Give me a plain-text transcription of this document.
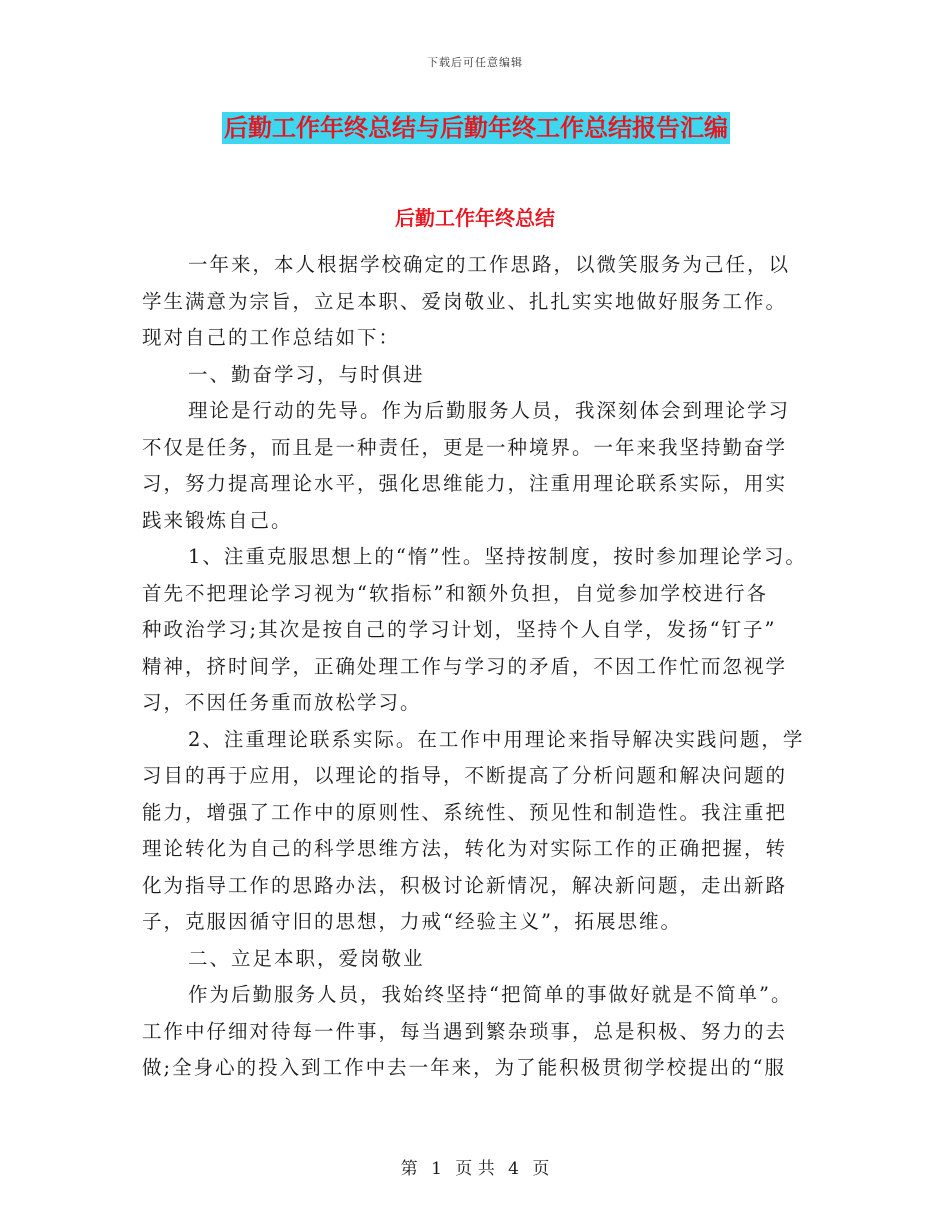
下载后可任意编辑
后勤工作年终总结与后勤年终工作总结报告汇编
后勤工作年终总结
一年来，本人根据学校确定的工作思路，以微笑服务为己任，以
学生满意为宗旨，立足本职、爱岗敬业、扎扎实实地做好服务工作。
现对自己的工作总结如下：
一、勤奋学习，与时俱进
理论是行动的先导。作为后勤服务人员，我深刻体会到理论学习
不仅是任务，而且是一种责任，更是一种境界。一年来我坚持勤奋学
习，努力提高理论水平，强化思维能力，注重用理论联系实际，用实
践来锻炼自己。
1、注重克服思想上的“惰”性。坚持按制度，按时参加理论学习。
首先不把理论学习视为“软指标”和额外负担，自觉参加学校进行各
种政治学习;其次是按自己的学习计划，坚持个人自学，发扬“钉子”
精神，挤时间学，正确处理工作与学习的矛盾，不因工作忙而忽视学
习，不因任务重而放松学习。
2、注重理论联系实际。在工作中用理论来指导解决实践问题，学
习目的再于应用，以理论的指导，不断提高了分析问题和解决问题的
能力，增强了工作中的原则性、系统性、预见性和制造性。我注重把
理论转化为自己的科学思维方法，转化为对实际工作的正确把握，转
化为指导工作的思路办法，积极讨论新情况，解决新问题，走出新路
子，克服因循守旧的思想，力戒“经验主义”，拓展思维。
二、立足本职，爱岗敬业
作为后勤服务人员，我始终坚持“把简单的事做好就是不简单”。
工作中仔细对待每一件事，每当遇到繁杂琐事，总是积极、努力的去
做;全身心的投入到工作中去一年来，为了能积极贯彻学校提出的“服
第 1 页 共 4 页
